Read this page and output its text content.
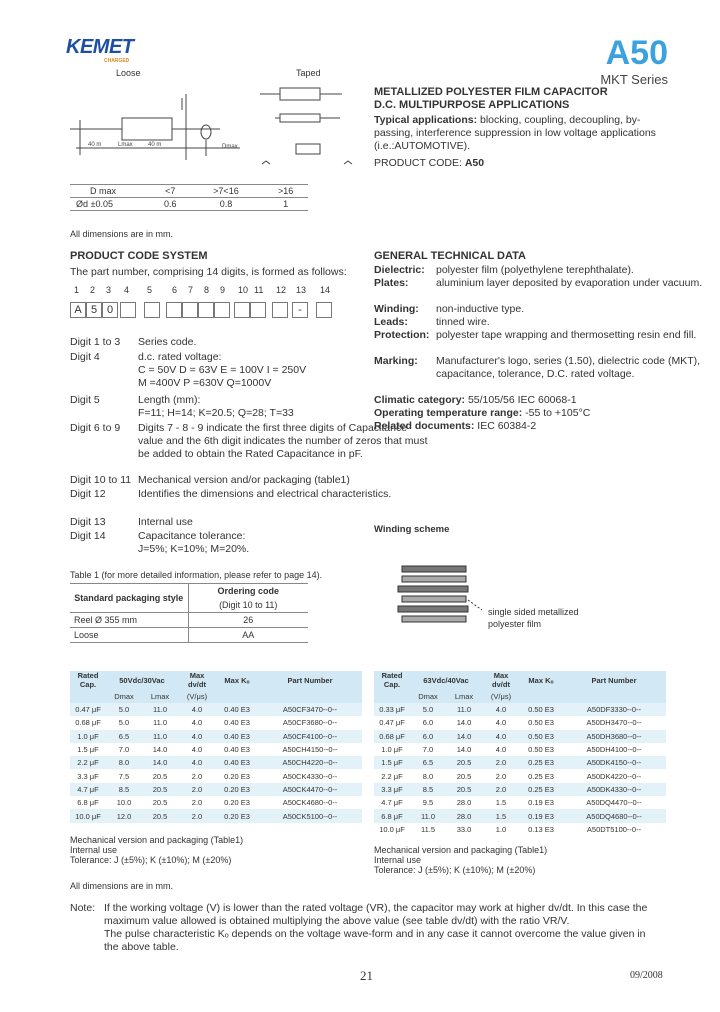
KEMET
CHARGED	A50
MKT Series
Loose	Taped
40 m	Lmax	40 m	Dmax
D max	<7	>7<16	>16
Ød ±0.05	0.6	0.8	1
All dimensions are in mm.
METALLIZED POLYESTER FILM CAPACITOR
D.C. MULTIPURPOSE APPLICATIONS
Typical applications: blocking, coupling, decoupling, by-passing, interference suppression in low voltage applications (i.e.:AUTOMOTIVE).
PRODUCT CODE: A50
PRODUCT CODE SYSTEM
The part number, comprising 14 digits, is formed as follows:
1 2 3 4 5 6 7 8 9 10 11 12 13 14
A 5 0	-
Digit 1 to 3	Series code.
Digit 4	d.c. rated voltage:
C = 50V D = 63V E = 100V I = 250V
M =400V P =630V Q=1000V
Digit 5	Length (mm):
F=11; H=14; K=20.5; Q=28; T=33
Digit 6 to 9	Digits 7 - 8 - 9 indicate the first three digits of Capacitance value and the 6th digit indicates the number of zeros that must be added to obtain the Rated Capacitance in pF.
Digit 10 to 11 Mechanical version and/or packaging (table1)
Digit 12	Identifies the dimensions and electrical characteristics.
Digit 13	Internal use
Digit 14	Capacitance tolerance:
J=5%; K=10%; M=20%.
Table 1 (for more detailed information, please refer to page 14).
Standard packaging style	Ordering code
	(Digit 10 to 11)
Reel Ø 355 mm	26
Loose	AA
GENERAL TECHNICAL DATA
Dielectric: polyester film (polyethylene terephthalate).
Plates:	aluminium layer deposited by evaporation under vacuum.
Winding: non-inductive type.
Leads:	tinned wire.
Protection: polyester tape wrapping and thermosetting resin end fill.
Marking: Manufacturer's logo, series (1.50), dielectric code (MKT), capacitance, tolerance, D.C. rated voltage.
Climatic category: 55/105/56 IEC 60068-1
Operating temperature range: -55 to +105°C
Related documents: IEC 60384-2
Winding scheme
single sided metallized
polyester film
Rated Cap.	50Vdc/30Vac		Max dv/dt	Max Kₒ	Part Number
	Dmax	Lmax	(V/μs)		
0.47 μF	5.0	11.0	4.0	0.40 E3	A50CF3470--0--
0.68 μF	5.0	11.0	4.0	0.40 E3	A50CF3680--0--
1.0 μF	6.5	11.0	4.0	0.40 E3	A50CF4100--0--
1.5 μF	7.0	14.0	4.0	0.40 E3	A50CH4150--0--
2.2 μF	8.0	14.0	4.0	0.40 E3	A50CH4220--0--
3.3 μF	7.5	20.5	2.0	0.20 E3	A50CK4330--0--
4.7 μF	8.5	20.5	2.0	0.20 E3	A50CK4470--0--
6.8 μF	10.0	20.5	2.0	0.20 E3	A50CK4680--0--
10.0 μF	12.0	20.5	2.0	0.20 E3	A50CK5100--0--
Mechanical version and packaging (Table1)
Internal use
Tolerance: J (±5%); K (±10%); M (±20%)
Rated Cap.	63Vdc/40Vac		Max dv/dt	Max Kₒ	Part Number
	Dmax	Lmax	(V/μs)		
0.33 μF	5.0	11.0	4.0	0.50 E3	A50DF3330--0--
0.47 μF	6.0	14.0	4.0	0.50 E3	A50DH3470--0--
0.68 μF	6.0	14.0	4.0	0.50 E3	A50DH3680--0--
1.0 μF	7.0	14.0	4.0	0.50 E3	A50DH4100--0--
1.5 μF	6.5	20.5	2.0	0.25 E3	A50DK4150--0--
2.2 μF	8.0	20.5	2.0	0.25 E3	A50DK4220--0--
3.3 μF	8.5	20.5	2.0	0.25 E3	A50DK4330--0--
4.7 μF	9.5	28.0	1.5	0.19 E3	A50DQ4470--0--
6.8 μF	11.0	28.0	1.5	0.19 E3	A50DQ4680--0--
10.0 μF	11.5	33.0	1.0	0.13 E3	A50DT5100--0--
Mechanical version and packaging (Table1)
Internal use
Tolerance: J (±5%); K (±10%); M (±20%)
All dimensions are in mm.
Note: If the working voltage (V) is lower than the rated voltage (VR), the capacitor may work at higher dv/dt. In this case the
maximum value allowed is obtained multiplying the above value (see table dv/dt) with the ratio VR/V.
The pulse characteristic Kₒ depends on the voltage wave-form and in any case it cannot overcome the value given in
the above table.
21	09/2008
